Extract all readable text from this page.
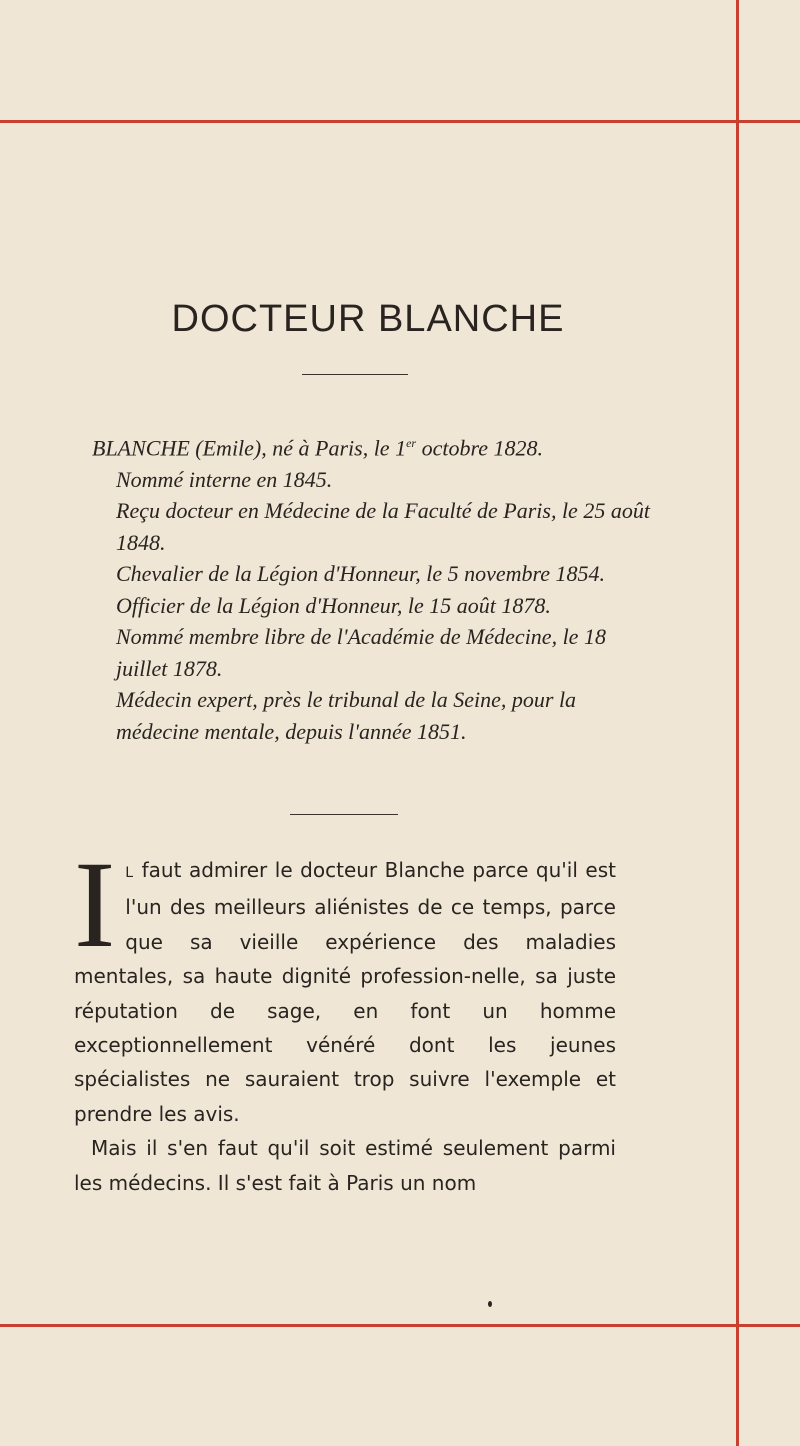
DOCTEUR BLANCHE
BLANCHE (Emile), né à Paris, le 1er octobre 1828.
Nommé interne en 1845.
Reçu docteur en Médecine de la Faculté de Paris, le 25 août 1848.
Chevalier de la Légion d'Honneur, le 5 novembre 1854.
Officier de la Légion d'Honneur, le 15 août 1878.
Nommé membre libre de l'Académie de Médecine, le 18 juillet 1878.
Médecin expert, près le tribunal de la Seine, pour la médecine mentale, depuis l'année 1851.

I L faut admirer le docteur Blanche parce qu'il est l'un des meilleurs aliénistes de ce temps, parce que sa vieille expérience des maladies mentales, sa haute dignité profession-nelle, sa juste réputation de sage, en font un homme exceptionnellement vénéré dont les jeunes spécialistes ne sauraient trop suivre l'exemple et prendre les avis.

Mais il s'en faut qu'il soit estimé seulement parmi les médecins. Il s'est fait à Paris un nom
